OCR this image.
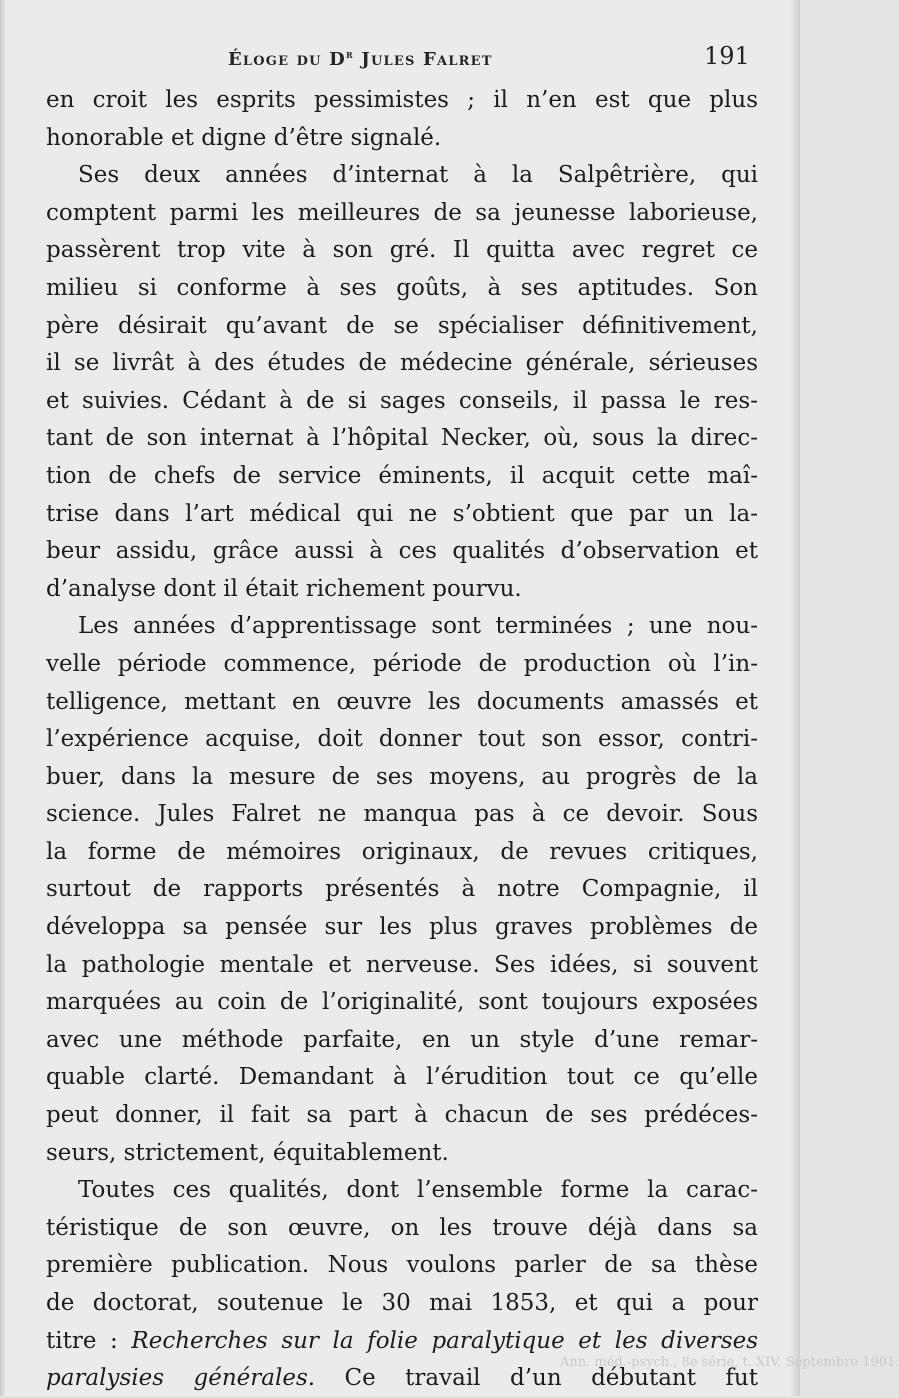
Éloge du $D^r$ Jules Falret	191
en croit les esprits pessimistes ; il n’en est que plus
honorable et digne d’être signalé.
Ses deux années d’internat à la Salpêtrière, qui
comptent parmi les meilleures de sa jeunesse laborieuse,
passèrent trop vite à son gré. Il quitta avec regret ce
milieu si conforme à ses goûts, à ses aptitudes. Son
père désirait qu’avant de se spécialiser définitivement,
il se livrât à des études de médecine générale, sérieuses
et suivies. Cédant à de si sages conseils, il passa le res-
tant de son internat à l’hôpital Necker, où, sous la direc-
tion de chefs de service éminents, il acquit cette maî-
trise dans l’art médical qui ne s’obtient que par un la-
beur assidu, grâce aussi à ces qualités d’observation et
d’analyse dont il était richement pourvu.
Les années d’apprentissage sont terminées ; une nou-
velle période commence, période de production où l’in-
telligence, mettant en œuvre les documents amassés et
l’expérience acquise, doit donner tout son essor, contri-
buer, dans la mesure de ses moyens, au progrès de la
science. Jules Falret ne manqua pas à ce devoir. Sous
la forme de mémoires originaux, de revues critiques,
surtout de rapports présentés à notre Compagnie, il
développa sa pensée sur les plus graves problèmes de
la pathologie mentale et nerveuse. Ses idées, si souvent
marquées au coin de l’originalité, sont toujours exposées
avec une méthode parfaite, en un style d’une remar-
quable clarté. Demandant à l’érudition tout ce qu’elle
peut donner, il fait sa part à chacun de ses prédéces-
seurs, strictement, équitablement.
Toutes ces qualités, dont l’ensemble forme la carac-
téristique de son œuvre, on les trouve déjà dans sa
première publication. Nous voulons parler de sa thèse
de doctorat, soutenue le 30 mai 1853, et qui a pour
titre : Recherches sur la folie paralytique et les diverses
paralysies générales. Ce travail d’un débutant fut
Ann. méd.-psych., 8e série, t. XIV. Septembre 1901.
